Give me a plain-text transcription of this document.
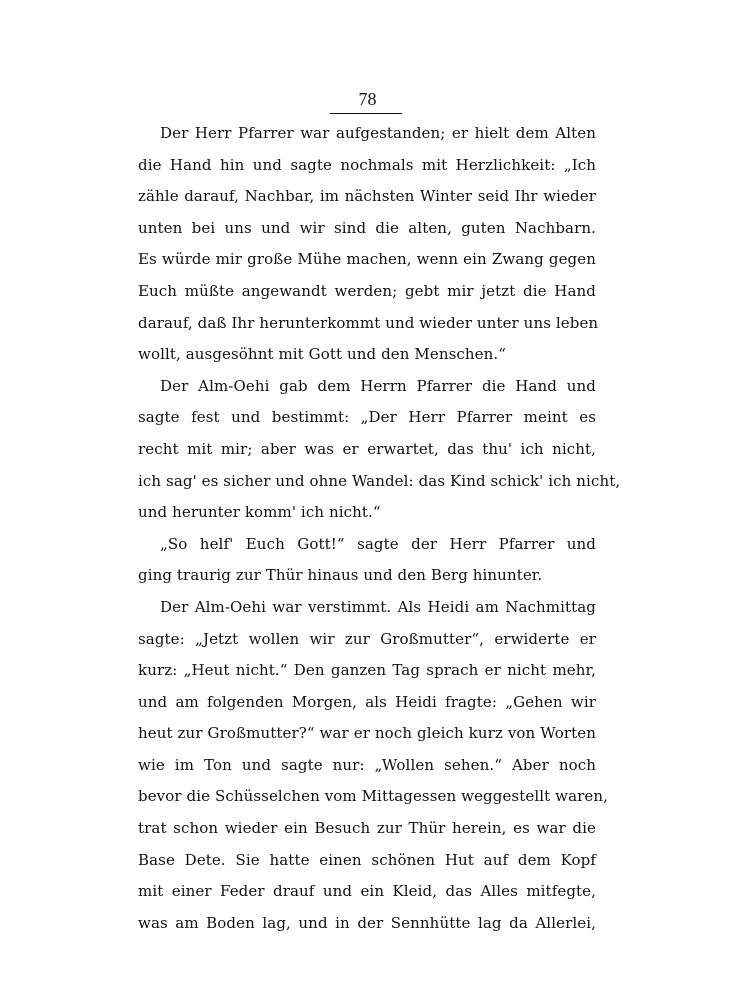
78
Der Herr Pfarrer war aufgestanden; er hielt dem Alten
die Hand hin und sagte nochmals mit Herzlichkeit: „Ich
zähle darauf, Nachbar, im nächsten Winter seid Ihr wieder
unten bei uns und wir sind die alten, guten Nachbarn.
Es würde mir große Mühe machen, wenn ein Zwang gegen
Euch müßte angewandt werden; gebt mir jetzt die Hand
darauf, daß Ihr herunterkommt und wieder unter uns leben
wollt, ausgesöhnt mit Gott und den Menschen.“
Der Alm-Oehi gab dem Herrn Pfarrer die Hand und
sagte fest und bestimmt: „Der Herr Pfarrer meint es
recht mit mir; aber was er erwartet, das thu' ich nicht,
ich sag' es sicher und ohne Wandel: das Kind schick' ich nicht,
und herunter komm' ich nicht.“
„So helf' Euch Gott!“ sagte der Herr Pfarrer und
ging traurig zur Thür hinaus und den Berg hinunter.
Der Alm-Oehi war verstimmt. Als Heidi am Nachmittag
sagte: „Jetzt wollen wir zur Großmutter“, erwiderte er
kurz: „Heut nicht.“ Den ganzen Tag sprach er nicht mehr,
und am folgenden Morgen, als Heidi fragte: „Gehen wir
heut zur Großmutter?“ war er noch gleich kurz von Worten
wie im Ton und sagte nur: „Wollen sehen.“ Aber noch
bevor die Schüsselchen vom Mittagessen weggestellt waren,
trat schon wieder ein Besuch zur Thür herein, es war die
Base Dete. Sie hatte einen schönen Hut auf dem Kopf
mit einer Feder drauf und ein Kleid, das Alles mitfegte,
was am Boden lag, und in der Sennhütte lag da Allerlei,
